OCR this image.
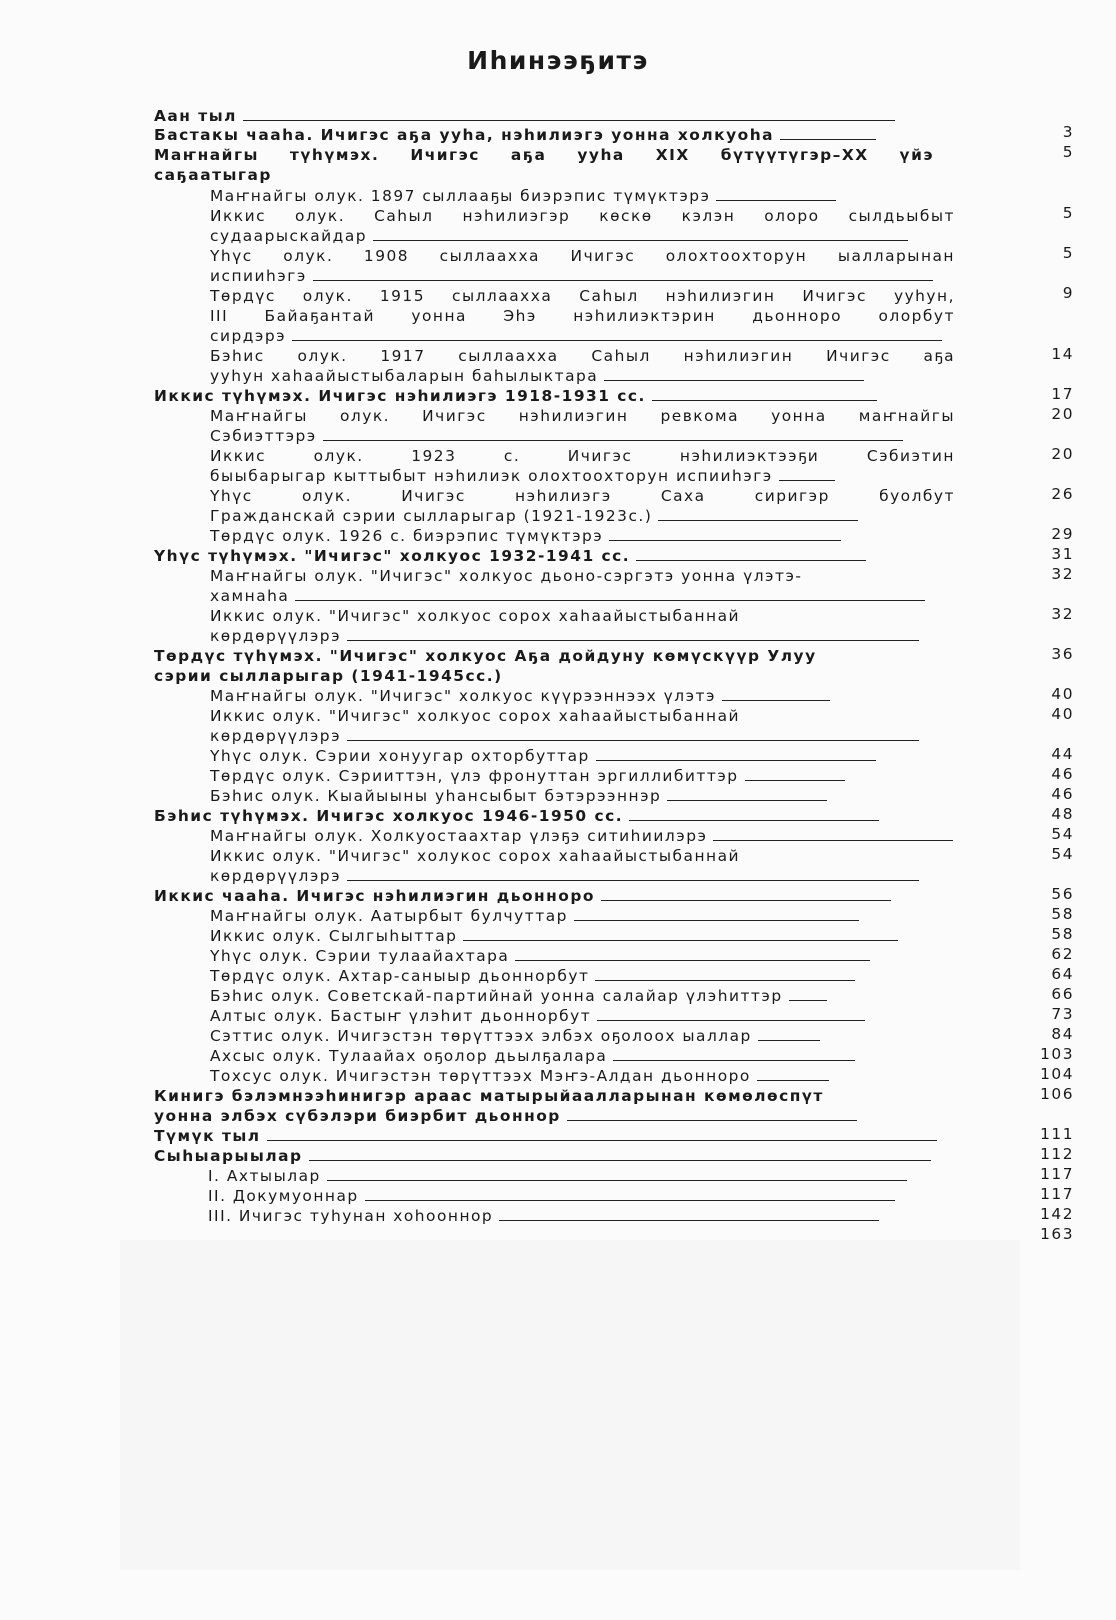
Иһинээҕитэ
Аан тыл
Бастакы чааһа. Ичигэс аҕа ууһа, нэһилиэгэ уонна холкуоһа
Маҥнайгы түһүмэх. Ичигэс аҕа ууһа XIX бүтүүтүгэр–XX үйэ
саҕаатыгар
Маҥнайгы олук. 1897 сыллааҕы биэрэпис түмүктэрэ
Иккис олук. Саһыл нэһилиэгэр көскө кэлэн олоро сылдьыбыт
судаарыскайдар
Үһүс олук. 1908 сыллаахха Ичигэс олохтоохторун ыалларынан
испииһэгэ
Төрдүс олук. 1915 сыллаахха Саһыл нэһилиэгин Ичигэс ууһун,
III Байаҕантай уонна Эһэ нэһилиэктэрин дьонноро олорбут
сирдэрэ
Бэһис олук. 1917 сыллаахха Саһыл нэһилиэгин Ичигэс аҕа
ууһун хаһаайыстыбаларын баһылыктара
Иккис түһүмэх. Ичигэс нэһилиэгэ 1918-1931 сс.
Маҥнайгы олук. Ичигэс нэһилиэгин ревкома уонна маҥнайгы
Сэбиэттэрэ
Иккис олук. 1923 с. Ичигэс нэһилиэктээҕи Сэбиэтин
быыбарыгар кыттыбыт нэһилиэк олохтоохторун испииһэгэ
Үһүс олук. Ичигэс нэһилиэгэ Саха сиригэр буолбут
Гражданскай сэрии сылларыгар (1921-1923с.)
Төрдүс олук. 1926 с. биэрэпис түмүктэрэ
Үһүс түһүмэх. "Ичигэс" холкуос 1932-1941 сс.
Маҥнайгы олук. "Ичигэс" холкуос дьоно-сэргэтэ уонна үлэтэ-
хамнаһа
Иккис олук. "Ичигэс" холкуос сорох хаһаайыстыбаннай
көрдөрүүлэрэ
Төрдүс түһүмэх. "Ичигэс" холкуос Аҕа дойдуну көмүскүүр Улуу
сэрии сылларыгар (1941-1945сс.)
Маҥнайгы олук. "Ичигэс" холкуос күүрээннээх үлэтэ
Иккис олук. "Ичигэс" холкуос сорох хаһаайыстыбаннай
көрдөрүүлэрэ
Үһүс олук. Сэрии хонуугар охторбуттар
Төрдүс олук. Сэрииттэн, үлэ фронуттан эргиллибиттэр
Бэһис олук. Кыайыыны уһансыбыт бэтэрээннэр
Бэһис түһүмэх. Ичигэс холкуос 1946-1950 сс.
Маҥнайгы олук. Холкуостаахтар үлэҕэ ситиһиилэрэ
Иккис олук. "Ичигэс" холукос сорох хаһаайыстыбаннай
көрдөрүүлэрэ
Иккис чааһа. Ичигэс нэһилиэгин дьонноро
Маҥнайгы олук. Аатырбыт булчуттар
Иккис олук. Сылгыһыттар
Үһүс олук. Сэрии тулаайахтара
Төрдүс олук. Ахтар-саныыр дьоннорбут
Бэһис олук. Советскай-партийнай уонна салайар үлэһиттэр
Алтыс олук. Бастыҥ үлэһит дьоннорбут
Сэттис олук. Ичигэстэн төрүттээх элбэх оҕолоох ыаллар
Ахсыс олук. Тулаайах оҕолор дьылҕалара
Тохсус олук. Ичигэстэн төрүттээх Мэҥэ-Алдан дьонноро
Кинигэ бэлэмнээһинигэр араас матырыйаалларынан көмөлөспүт
уонна элбэх сүбэлэри биэрбит дьоннор
Түмүк тыл
Сыһыарыылар
I. Ахтыылар
II. Докумуоннар
III. Ичигэс туһунан хоһооннор
3
5
5
5
9
14
17
20
20
26
29
31
32
32
36
40
40
44
46
46
48
54
54
56
58
58
62
64
66
73
84
103
104
106
111
112
117
117
142
163
